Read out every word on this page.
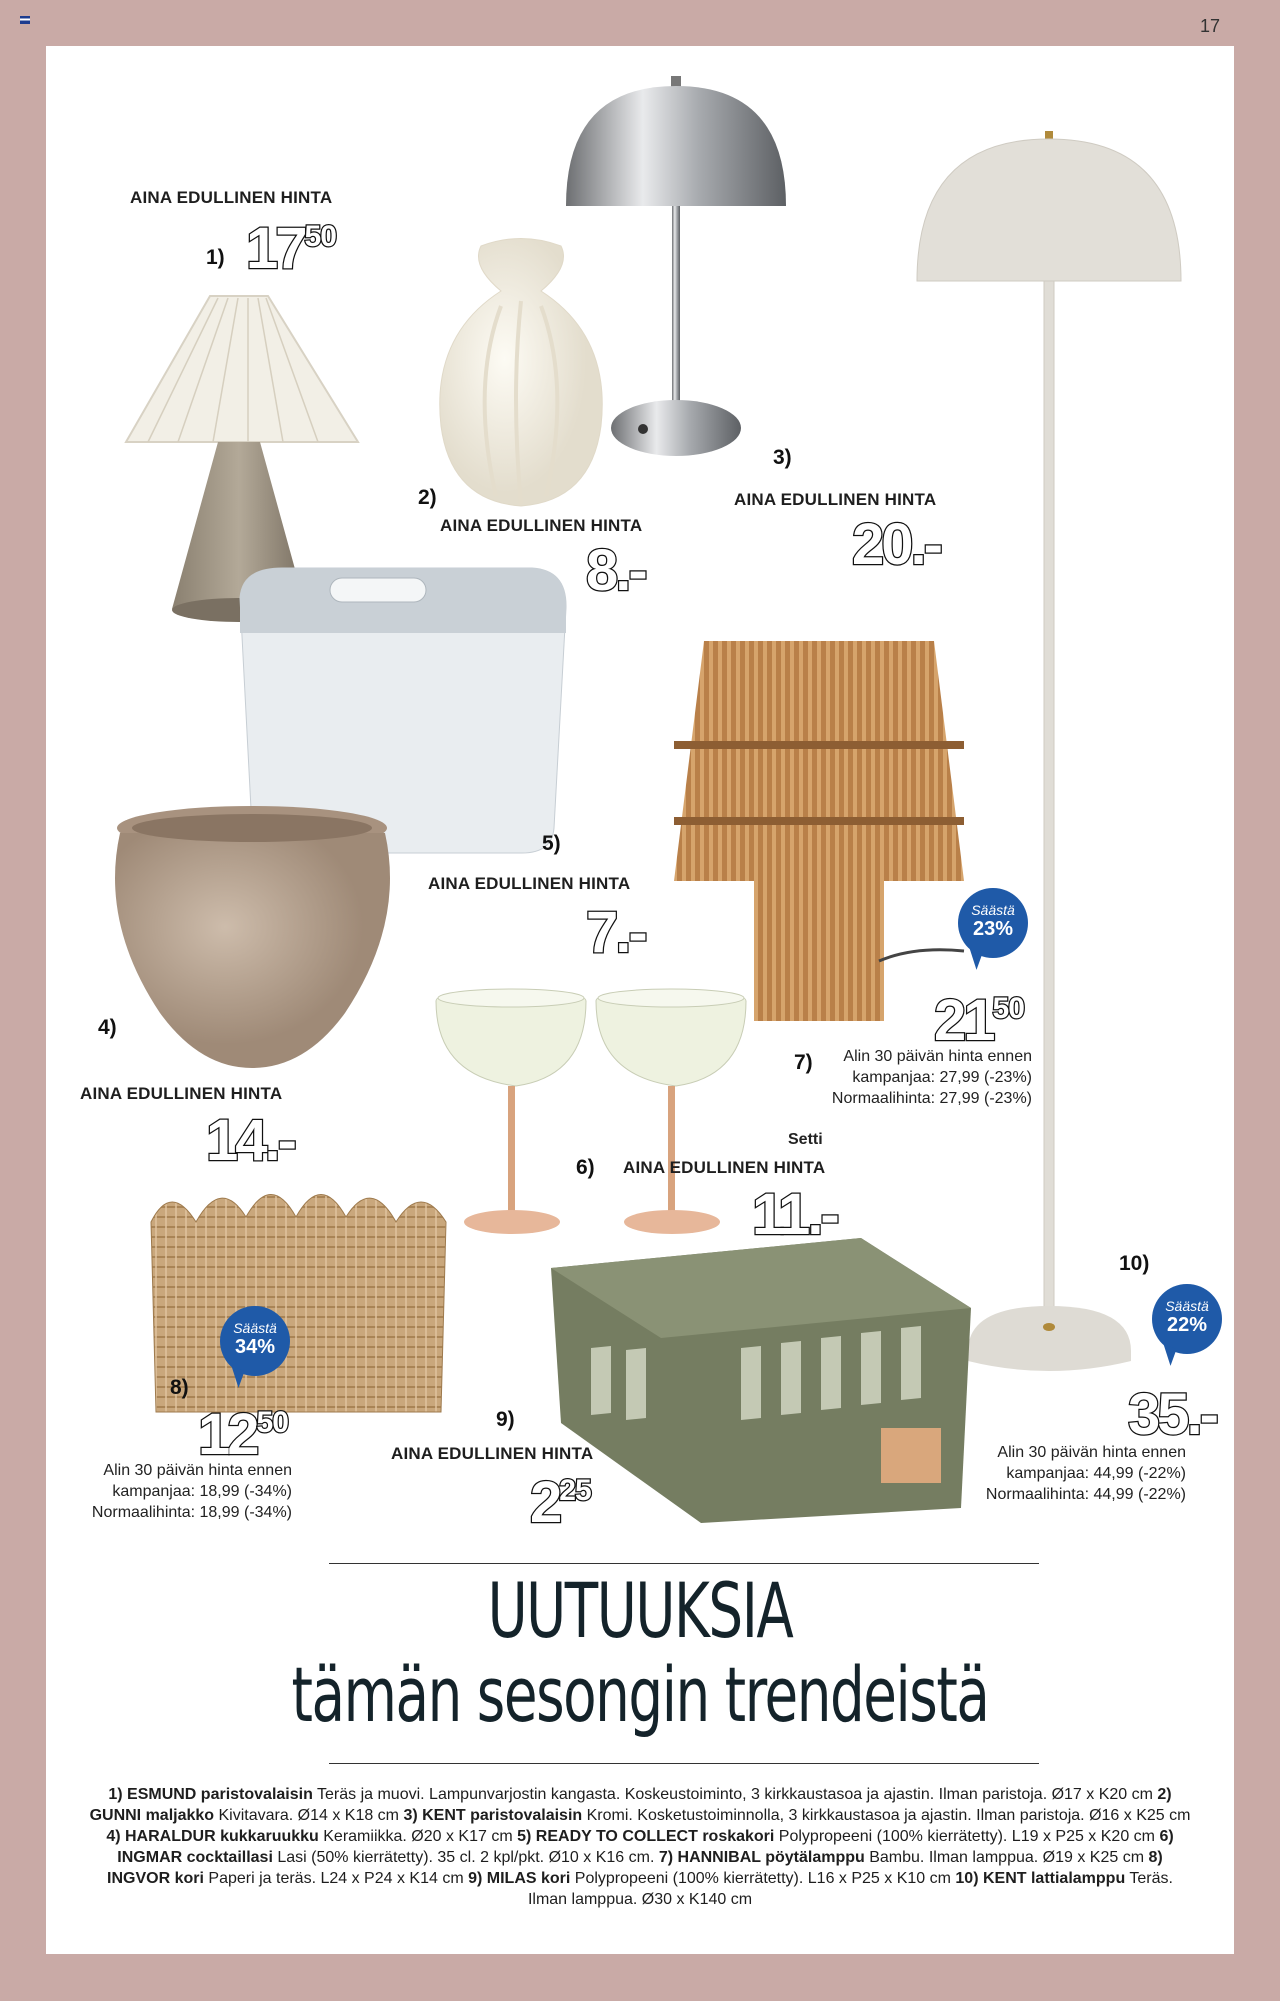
17
AINA EDULLINEN HINTA
1) 1750
2)
AINA EDULLINEN HINTA
8.-
3)
AINA EDULLINEN HINTA
20.-
5)
AINA EDULLINEN HINTA
7.-	Säästä
23%
2150
7)	Alin 30 päivän hinta ennen
kampanjaa: 27,99 (-23%)
Normaalihinta: 27,99 (-23%)
4)
AINA EDULLINEN HINTA
14.-	Setti
6) AINA EDULLINEN HINTA
11.-
10)
Säästä
22%
35.-
Alin 30 päivän hinta ennen
kampanjaa: 44,99 (-22%)
Normaalihinta: 44,99 (-22%)
Säästä
34%
8)
1250
Alin 30 päivän hinta ennen
kampanjaa: 18,99 (-34%)
Normaalihinta: 18,99 (-34%)
9)
AINA EDULLINEN HINTA
225
UUTUUKSIA
tämän sesongin trendeistä
1) ESMUND paristovalaisin Teräs ja muovi. Lampunvarjostin kangasta. Koskeustoiminto, 3 kirkkaustasoa ja ajastin. Ilman paristoja. Ø17 x K20 cm 2) GUNNI maljakko Kivitavara. Ø14 x K18 cm 3) KENT paristovalaisin Kromi. Kosketustoiminnolla, 3 kirkkaustasoa ja ajastin. Ilman paristoja. Ø16 x K25 cm 4) HARALDUR kukkaruukku Keramiikka. Ø20 x K17 cm 5) READY TO COLLECT roskakori Polypropeeni (100% kierrätetty). L19 x P25 x K20 cm 6) INGMAR cocktaillasi Lasi (50% kierrätetty). 35 cl. 2 kpl/pkt. Ø10 x K16 cm. 7) HANNIBAL pöytälamppu Bambu. Ilman lamppua. Ø19 x K25 cm 8) INGVOR kori Paperi ja teräs. L24 x P24 x K14 cm 9) MILAS kori Polypropeeni (100% kierrätetty). L16 x P25 x K10 cm 10) KENT lattialamppu Teräs. Ilman lamppua. Ø30 x K140 cm
